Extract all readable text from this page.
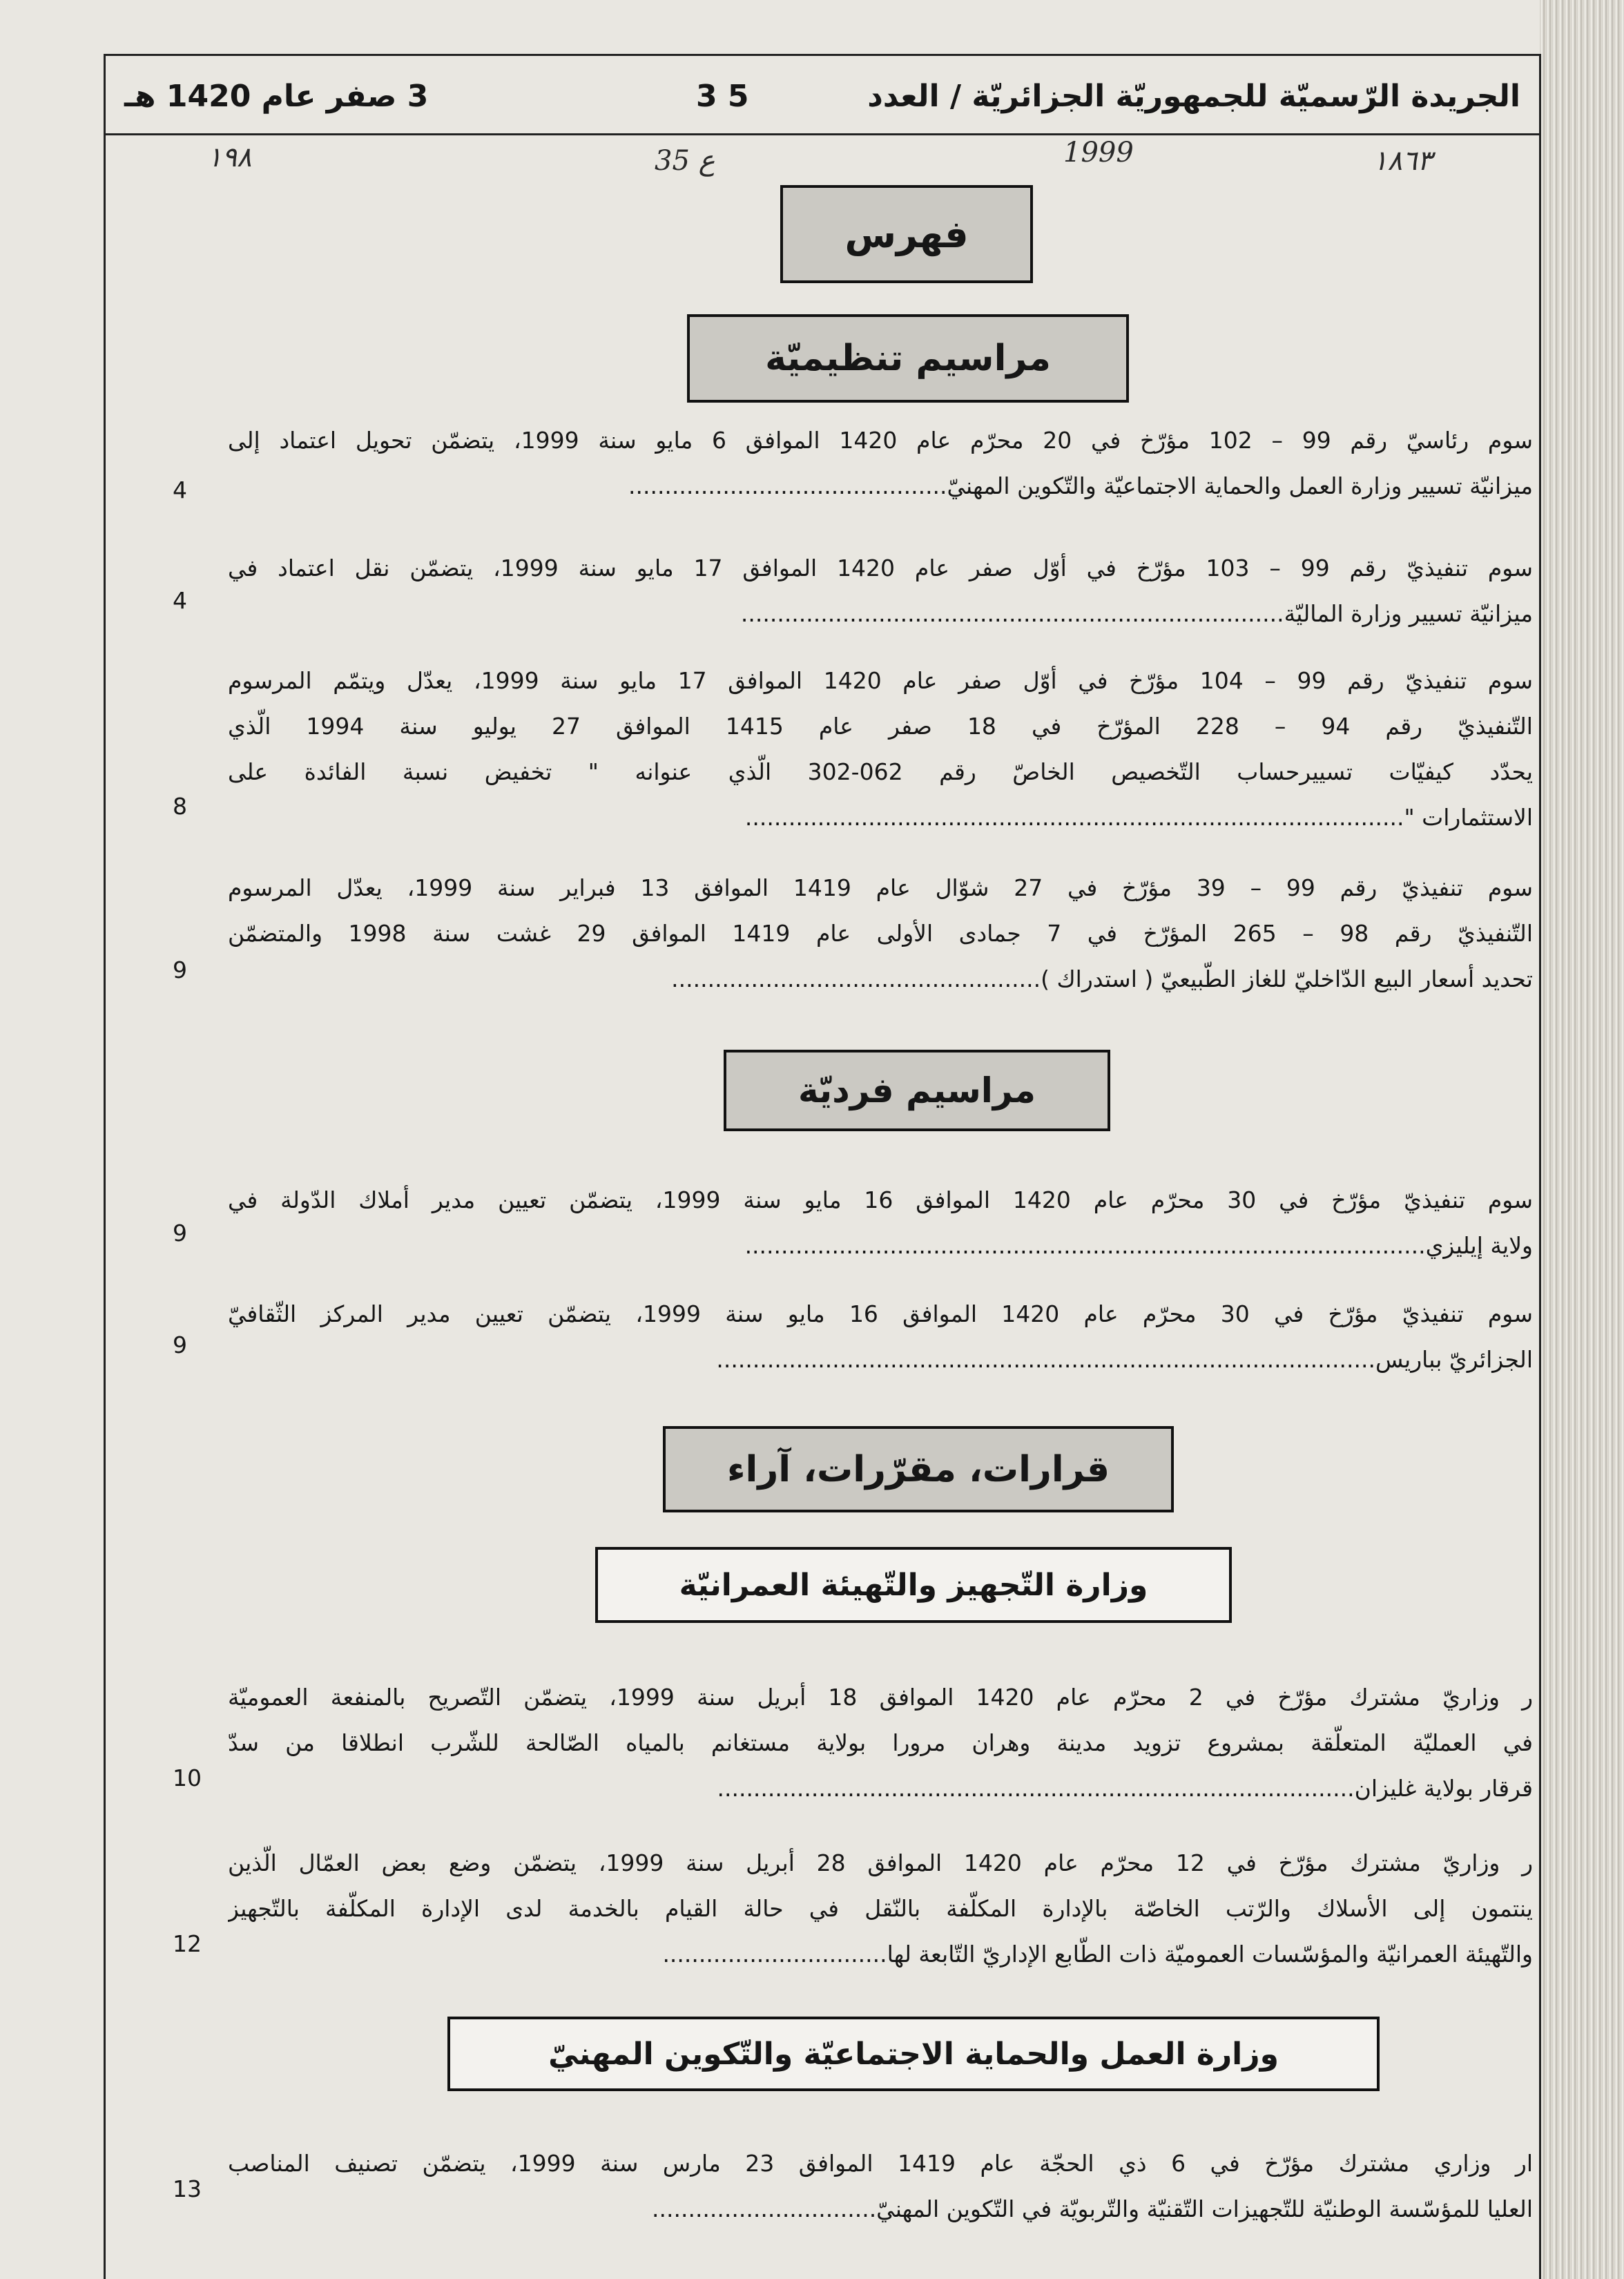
3 صفر عام 1420 هـ	3 5	الجريدة الرّسميّة للجمهوريّة الجزائريّة / العدد
۱۹۸	35 ع	1999	١٨٦٣
فهرس
مراسيم تنظيميّة
سوم رئاسيّ رقم 99 – 102 مؤرّخ في 20 محرّم عام 1420 الموافق 6 مايو سنة 1999، يتضمّن تحويل اعتماد إلى
ميزانيّة تسيير وزارة العمل والحماية الاجتماعيّة والتّكوين المهنيّ............................................
4
سوم تنفيذيّ رقم 99 – 103 مؤرّخ في أوّل صفر عام 1420 الموافق 17 مايو سنة 1999، يتضمّن نقل اعتماد في
ميزانيّة تسيير وزارة الماليّة...........................................................................
4
سوم تنفيذيّ رقم 99 – 104 مؤرّخ في أوّل صفر عام 1420 الموافق 17 مايو سنة 1999، يعدّل ويتمّم المرسوم
التّنفيذيّ رقم 94 – 228 المؤرّخ في 18 صفر عام 1415 الموافق 27 يوليو سنة 1994 الّذي
يحدّد كيفيّات تسييرحساب التّخصيص الخاصّ رقم 062-302 الّذي عنوانه " تخفيض نسبة الفائدة على
الاستثمارات "...........................................................................................
8
سوم تنفيذيّ رقم 99 – 39 مؤرّخ في 27 شوّال عام 1419 الموافق 13 فبراير سنة 1999، يعدّل المرسوم
التّنفيذيّ رقم 98 – 265 المؤرّخ في 7 جمادى الأولى عام 1419 الموافق 29 غشت سنة 1998 والمتضمّن
تحديد أسعار البيع الدّاخليّ للغاز الطّبيعيّ ( استدراك )...................................................
9
مراسيم فرديّة
سوم تنفيذيّ مؤرّخ في 30 محرّم عام 1420 الموافق 16 مايو سنة 1999، يتضمّن تعيين مدير أملاك الدّولة في
ولاية إيليزي..............................................................................................
9
سوم تنفيذيّ مؤرّخ في 30 محرّم عام 1420 الموافق 16 مايو سنة 1999، يتضمّن تعيين مدير المركز الثّقافيّ
الجزائريّ بباريس...........................................................................................
9
قرارات، مقرّرات، آراء
وزارة التّجهيز والتّهيئة العمرانيّة
ر وزاريّ مشترك مؤرّخ في 2 محرّم عام 1420 الموافق 18 أبريل سنة 1999، يتضمّن التّصريح بالمنفعة العموميّة
في العمليّة المتعلّقة بمشروع تزويد مدينة وهران مرورا بولاية مستغانم بالمياه الصّالحة للشّرب انطلاقا من سدّ
قرقار بولاية غليزان........................................................................................
10
ر وزاريّ مشترك مؤرّخ في 12 محرّم عام 1420 الموافق 28 أبريل سنة 1999، يتضمّن وضع بعض العمّال الّذين
ينتمون إلى الأسلاك والرّتب الخاصّة بالإدارة المكلّفة بالنّقل في حالة القيام بالخدمة لدى الإدارة المكلّفة بالتّجهيز
والتّهيئة العمرانيّة والمؤسّسات العموميّة ذات الطّابع الإداريّ التّابعة لها...............................
12
وزارة العمل والحماية الاجتماعيّة والتّكوين المهنيّ
ار وزاري مشترك مؤرّخ في 6 ذي الحجّة عام 1419 الموافق 23 مارس سنة 1999، يتضمّن تصنيف المناصب
العليا للمؤسّسة الوطنيّة للتّجهيزات التّقنيّة والتّربويّة في التّكوين المهنيّ...............................
13
